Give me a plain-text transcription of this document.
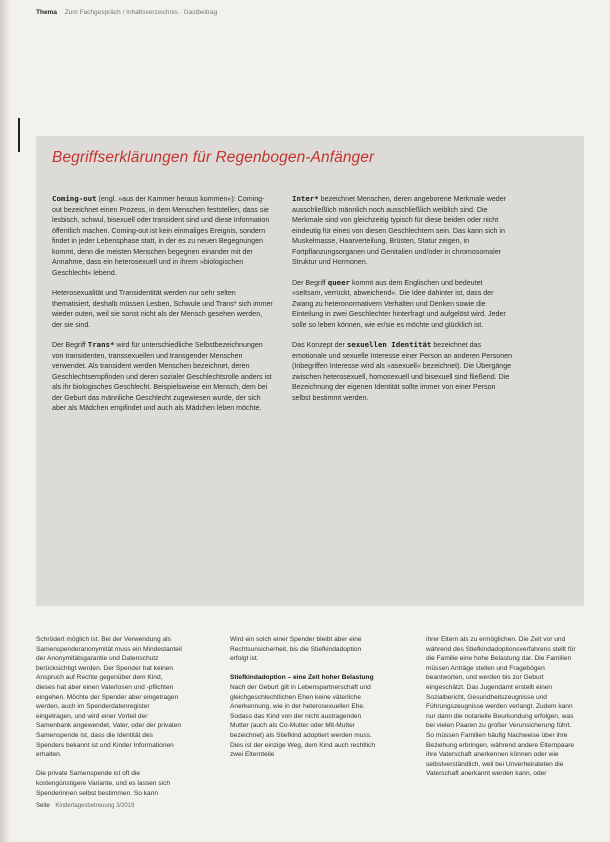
Thema Zum Fachgespräch / Inhaltsverzeichnis · Gastbeitrag
Begriffserklärungen für Regenbogen-Anfänger

Coming-out (engl. »aus der Kammer heraus kommen«): Coming-out bezeichnet einen Prozess, in dem Menschen feststellen, dass sie lesbisch, schwul, bisexuell oder transident sind und diese Information öffentlich machen. Coming-out ist kein einmaliges Ereignis, sondern findet in jeder Lebensphase statt, in der es zu neuen Begegnungen kommt, denn die meisten Menschen begegnen einander mit der Annahme, dass ein heterosexuell und in ihrem »biologischen Geschlecht« lebend.

Heterosexualität und Transidentität werden nur sehr selten thematisiert, deshalb müssen Lesben, Schwule und Trans* sich immer wieder outen, weil sie sonst nicht als der Mensch gesehen werden, der sie sind.

Der Begriff Trans* wird für unterschiedliche Selbstbezeichnungen von transidenten, transsexuellen und transgender Menschen verwendet. Als transident werden Menschen bezeichnet, deren Geschlechtsempfinden und deren sozialer Geschlechtsrolle anders ist als ihr biologisches Geschlecht. Beispielsweise ein Mensch, dem bei der Geburt das männliche Geschlecht zugewiesen wurde, der sich aber als Mädchen empfindet und auch als Mädchen leben möchte.

Inter* bezeichnet Menschen, deren angeborene Merkmale weder ausschließlich männlich noch ausschließlich weiblich sind. Die Merkmale sind von gleichzeitig typisch für diese beiden oder nicht eindeutig für eines von diesen Geschlechtern sein. Das kann sich in Muskelmasse, Haarverteilung, Brüsten, Statur zeigen, in Fortpflanzungsorganen und Genitalien und/oder in chromosomaler Struktur und Hormonen.

Der Begriff queer kommt aus dem Englischen und bedeutet »seltsam, verrückt, abweichend«. Die Idee dahinter ist, dass der Zwang zu heteronormativem Verhalten und Denken sowie die Einteilung in zwei Geschlechter hinterfragt und aufgelöst wird. Jeder solle so leben können, wie er/sie es möchte und glücklich ist.

Das Konzept der sexuellen Identität bezeichnet das emotionale und sexuelle Interesse einer Person an anderen Personen (Inbegriffen Interesse wird als »asexuell« bezeichnet). Die Übergänge zwischen heterosexuell, homosexuell und bisexuell sind fließend. Die Bezeichnung der eigenen Identität sollte immer von einer Person selbst bestimmt werden.

Schrödert möglich ist. Bei der Verwendung als Samenspenderanonymität muss ein Mindestanteil der Anonymitätsgarantie und Datenschutz berücksichtigt werden. Der Spender hat keinen Anspruch auf Rechte gegenüber dem Kind, dieses hat aber einen Vaterlosen und -pflichten eingehen. Möchte der Spender aber eingetragen werden, auch im Spenderdatenregister eingetragen, und wird einer Vorteil der Samenbank angewendet, Vater, oder der privaten Samenspende ist, dass die Identität des Spenders bekannt ist und Kinder Informationen erhalten.

Die private Samenspende ist oft die kostengünstigere Variante, und es lassen sich Spenderinnen selbst bestimmen. So kann

Wird ein solch einer Spender bleibt aber eine Rechtsunsicherheit, bis die Stiefkindadoption erfolgt ist.

Stiefkindadoption – eine Zeit hoher Belastung

Nach der Geburt gilt in Lebenspartnerschaft und gleichgeschlechtlichen Ehen keine väterliche Anerkennung, wie in der heterosexuellen Ehe. Sodass das Kind von der nicht austragenden Mutter (auch als Co-Mutter oder Mit-Mutter bezeichnet) als Stiefkind adoptiert werden muss. Dies ist der einzige Weg, dem Kind auch rechtlich zwei Elternteile

ihrer Eltern als zu ermöglichen. Die Zeit vor und während des Stiefkindadoptionsverfahrens stellt für die Familie eine hohe Belastung dar. Die Familien müssen Anträge stellen und Fragebögen beantworten, und werden bis zur Geburt eingeschätzt. Das Jugendamt erstellt einen Sozialbericht, Gesundheitszeugnisse und Führungszeugnisse werden verlangt. Zudem kann nur dann die notarielle Beurkundung erfolgen, was bei vielen Paaren zu großer Verunsicherung führt. So müssen Familien häufig Nachweise über ihre Beziehung erbringen, während andere Elternpaare ihre Vaterschaft anerkennen können oder wie selbstverständlich, weil bei Unverheirateten die Vaterschaft anerkannt werden kann, oder

Seite Kindertagesbetreuung 3/2019
